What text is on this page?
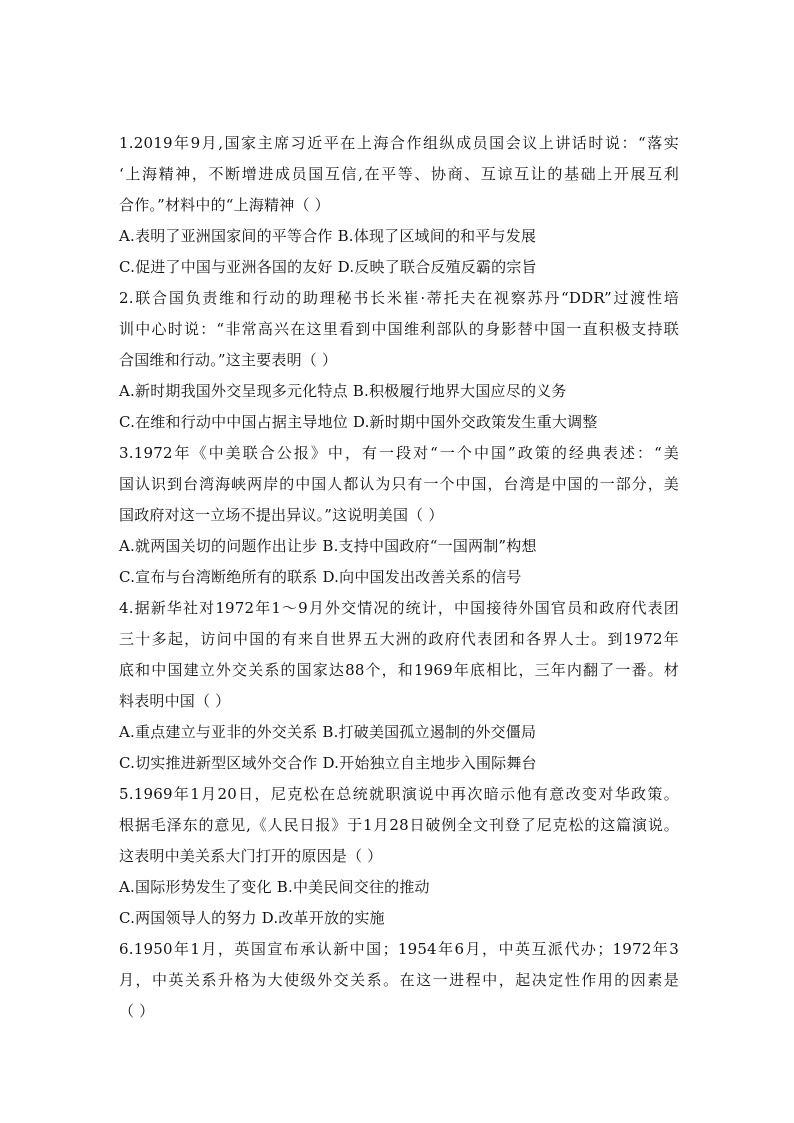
1.2019年9月,国家主席习近平在上海合作组纵成员国会议上讲话时说：“落实
‘上海精神，不断增进成员国互信,在平等、协商、互谅互让的基础上开展互利
合作。”材料中的“上海精神（ ）
A.表明了亚洲国家间的平等合作 B.体现了区域间的和平与发展
C.促进了中国与亚洲各国的友好 D.反映了联合反殖反霸的宗旨
2.联合国负责维和行动的助理秘书长米崔·蒂托夫在视察苏丹“DDR”过渡性培
训中心时说：“非常高兴在这里看到中国维利部队的身影替中国一直积极支持联
合国维和行动。”这主要表明（ ）
A.新时期我国外交呈现多元化特点 B.积极履行地界大国应尽的义务
C.在维和行动中中国占据主导地位 D.新时期中国外交政策发生重大调整
3.1972年《中美联合公报》中，有一段对“一个中国”政策的经典表述：“美
国认识到台湾海峡两岸的中国人都认为只有一个中国，台湾是中国的一部分，美
国政府对这一立场不提出异议。”这说明美国（ ）
A.就两国关切的问题作出让步 B.支持中国政府“一国两制”构想
C.宣布与台湾断绝所有的联系 D.向中国发出改善关系的信号
4.据新华社对1972年1～9月外交情况的统计，中国接待外国官员和政府代表团
三十多起，访问中国的有来自世界五大洲的政府代表团和各界人士。到1972年
底和中国建立外交关系的国家达88个，和1969年底相比，三年内翻了一番。材
料表明中国（ ）
A.重点建立与亚非的外交关系 B.打破美国孤立遏制的外交僵局
C.切实推进新型区域外交合作 D.开始独立自主地步入围际舞台
5.1969年1月20日，尼克松在总统就职演说中再次暗示他有意改变对华政策。
根据毛泽东的意见,《人民日报》于1月28日破例全文刊登了尼克松的这篇演说。
这表明中美关系大门打开的原因是（ ）
A.国际形势发生了变化 B.中美民间交往的推动
C.两国领导人的努力 D.改革开放的实施
6.1950年1月，英国宣布承认新中国；1954年6月，中英互派代办；1972年3
月，中英关系升格为大使级外交关系。在这一进程中，起决定性作用的因素是
（ ）
